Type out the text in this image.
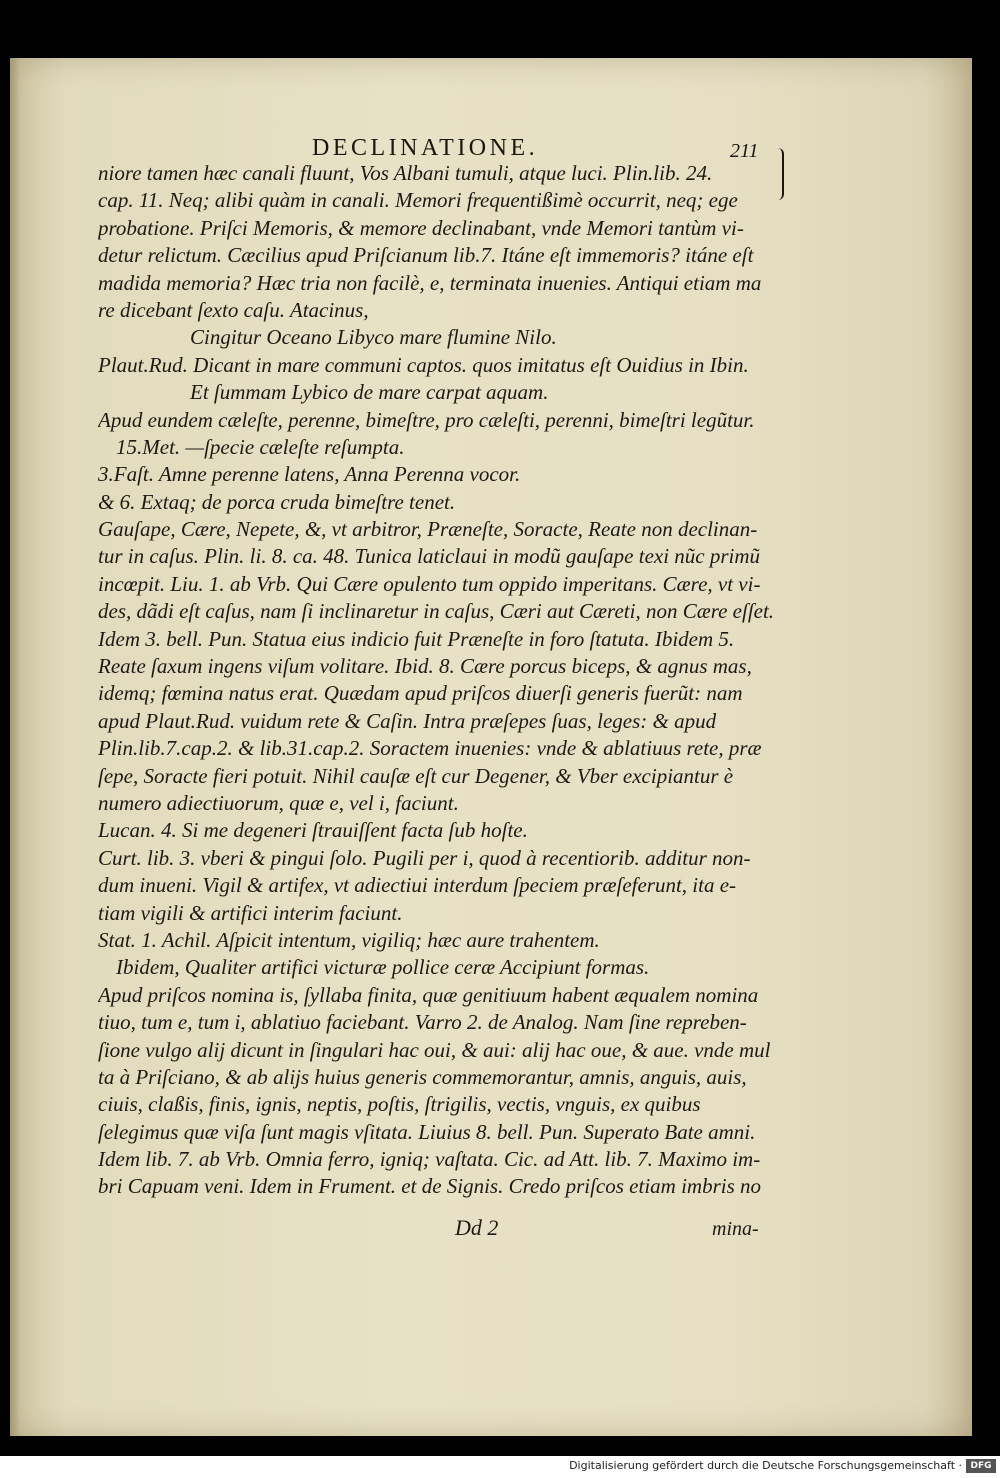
DECLINATIONE.	211
niore tamen hæc canali fluunt, Vos Albani tumuli, atque luci. Plin.lib. 24.
cap. 11. Neq; alibi quàm in canali. Memori frequentißimè occurrit, neq; ege
probatione. Priſci Memoris, & memore declinabant, vnde Memori tantùm vi-
detur relictum. Cæcilius apud Priſcianum lib.7. Itáne eſt immemoris? itáne eſt
madida memoria? Hæc tria non facilè, e, terminata inuenies. Antiqui etiam ma
re dicebant ſexto caſu. Atacinus,
Cingitur Oceano Libyco mare flumine Nilo.
Plaut.Rud. Dicant in mare communi captos. quos imitatus eſt Ouidius in Ibin.
Et ſummam Lybico de mare carpat aquam.
Apud eundem cæleſte, perenne, bimeſtre, pro cæleſti, perenni, bimeſtri legũtur.
15.Met. —ſpecie cæleſte reſumpta.
3.Faſt. Amne perenne latens, Anna Perenna vocor.
& 6. Extaq; de porca cruda bimeſtre tenet.
Gauſape, Cære, Nepete, &, vt arbitror, Præneſte, Soracte, Reate non declinan-
tur in caſus. Plin. li. 8. ca. 48. Tunica laticlaui in modũ gauſape texi nũc primũ
incœpit. Liu. 1. ab Vrb. Qui Cære opulento tum oppido imperitans. Cære, vt vi-
des, dãdi eſt caſus, nam ſi inclinaretur in caſus, Cæri aut Cæreti, non Cære eſſet.
Idem 3. bell. Pun. Statua eius indicio fuit Præneſte in foro ſtatuta. Ibidem 5.
Reate ſaxum ingens viſum volitare. Ibid. 8. Cære porcus biceps, & agnus mas,
idemq; fœmina natus erat. Quædam apud priſcos diuerſi generis fuerũt: nam
apud Plaut.Rud. vuidum rete & Caſin. Intra præſepes ſuas, leges: & apud
Plin.lib.7.cap.2. & lib.31.cap.2. Soractem inuenies: vnde & ablatiuus rete, præ
ſepe, Soracte fieri potuit. Nihil cauſæ eſt cur Degener, & Vber excipiantur è
numero adiectiuorum, quæ e, vel i, faciunt.
Lucan. 4. Si me degeneri ſtrauiſſent facta ſub hoſte.
Curt. lib. 3. vberi & pingui ſolo. Pugili per i, quod à recentiorib. additur non-
dum inueni. Vigil & artifex, vt adiectiui interdum ſpeciem præſeferunt, ita e-
tiam vigili & artifici interim faciunt.
Stat. 1. Achil. Aſpicit intentum, vigiliq; hæc aure trahentem.
Ibidem, Qualiter artifici victuræ pollice ceræ Accipiunt formas.
Apud priſcos nomina is, ſyllaba finita, quæ genitiuum habent æqualem nomina
tiuo, tum e, tum i, ablatiuo faciebant. Varro 2. de Analog. Nam ſine repreben-
ſione vulgo alij dicunt in ſingulari hac oui, & aui: alij hac oue, & aue. vnde mul
ta à Priſciano, & ab alijs huius generis commemorantur, amnis, anguis, auis,
ciuis, claßis, finis, ignis, neptis, poſtis, ſtrigilis, vectis, vnguis, ex quibus
ſelegimus quæ viſa ſunt magis vſitata. Liuius 8. bell. Pun. Superato Bate amni.
Idem lib. 7. ab Vrb. Omnia ferro, igniq; vaſtata. Cic. ad Att. lib. 7. Maximo im-
bri Capuam veni. Idem in Frument. et de Signis. Credo priſcos etiam imbris no
Dd 2	mina-
Digitalisierung gefördert durch die Deutsche Forschungsgemeinschaft · DFG
